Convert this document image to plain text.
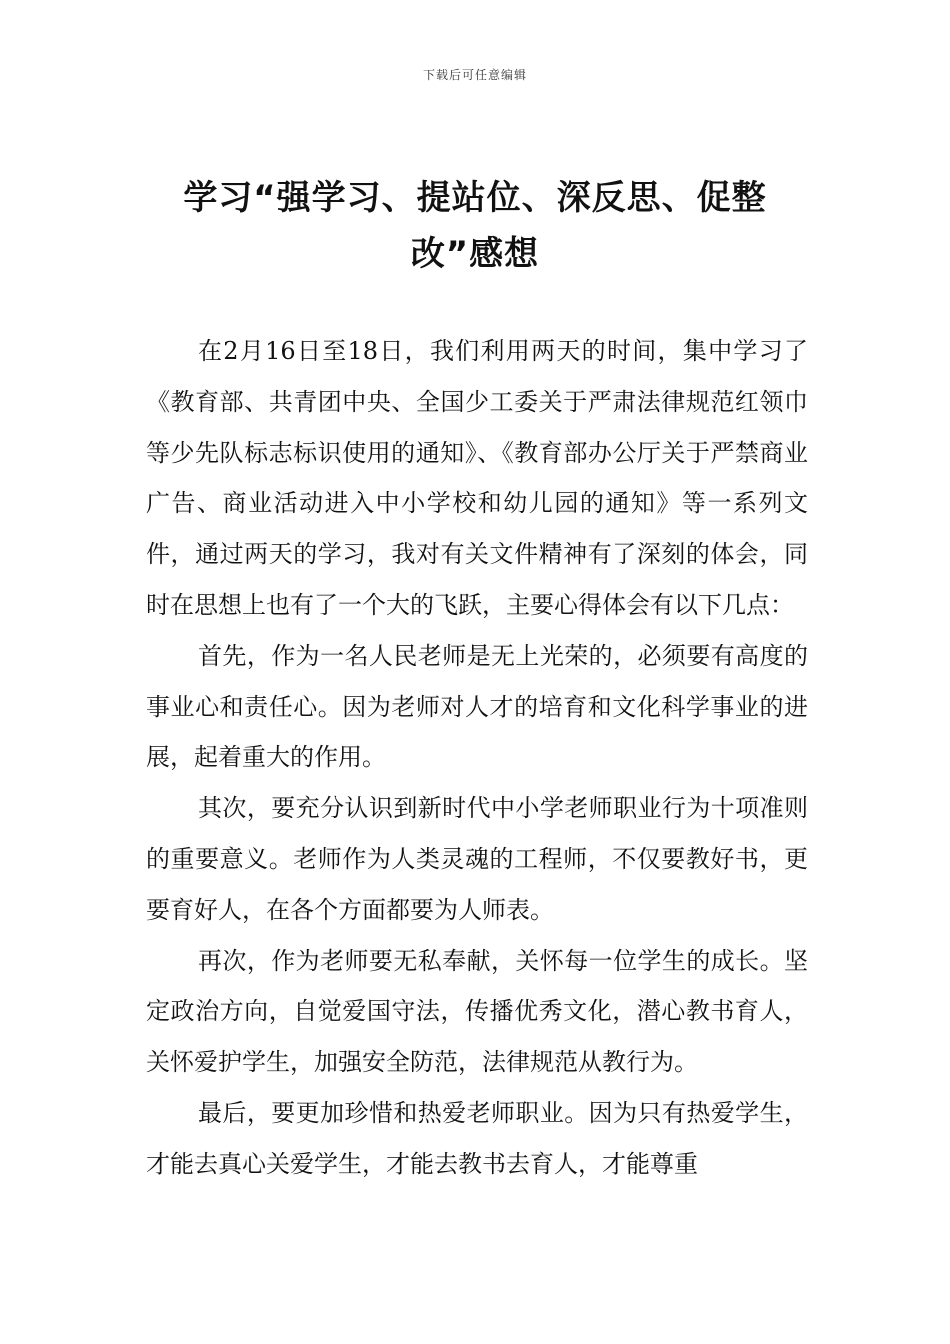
下载后可任意编辑
学习“强学习、提站位、深反思、促整
改”感想

在2月16日至18日，我们利用两天的时间，集中学习了《教育部、共青团中央、全国少工委关于严肃法律规范红领巾等少先队标志标识使用的通知》、《教育部办公厅关于严禁商业广告、商业活动进入中小学校和幼儿园的通知》等一系列文件，通过两天的学习，我对有关文件精神有了深刻的体会，同时在思想上也有了一个大的飞跃，主要心得体会有以下几点：

首先，作为一名人民老师是无上光荣的，必须要有高度的事业心和责任心。因为老师对人才的培育和文化科学事业的进展，起着重大的作用。

其次，要充分认识到新时代中小学老师职业行为十项准则的重要意义。老师作为人类灵魂的工程师，不仅要教好书，更要育好人，在各个方面都要为人师表。

再次，作为老师要无私奉献，关怀每一位学生的成长。坚定政治方向，自觉爱国守法，传播优秀文化，潜心教书育人，关怀爱护学生，加强安全防范，法律规范从教行为。

最后，要更加珍惜和热爱老师职业。因为只有热爱学生，才能去真心关爱学生，才能去教书去育人，才能尊重
